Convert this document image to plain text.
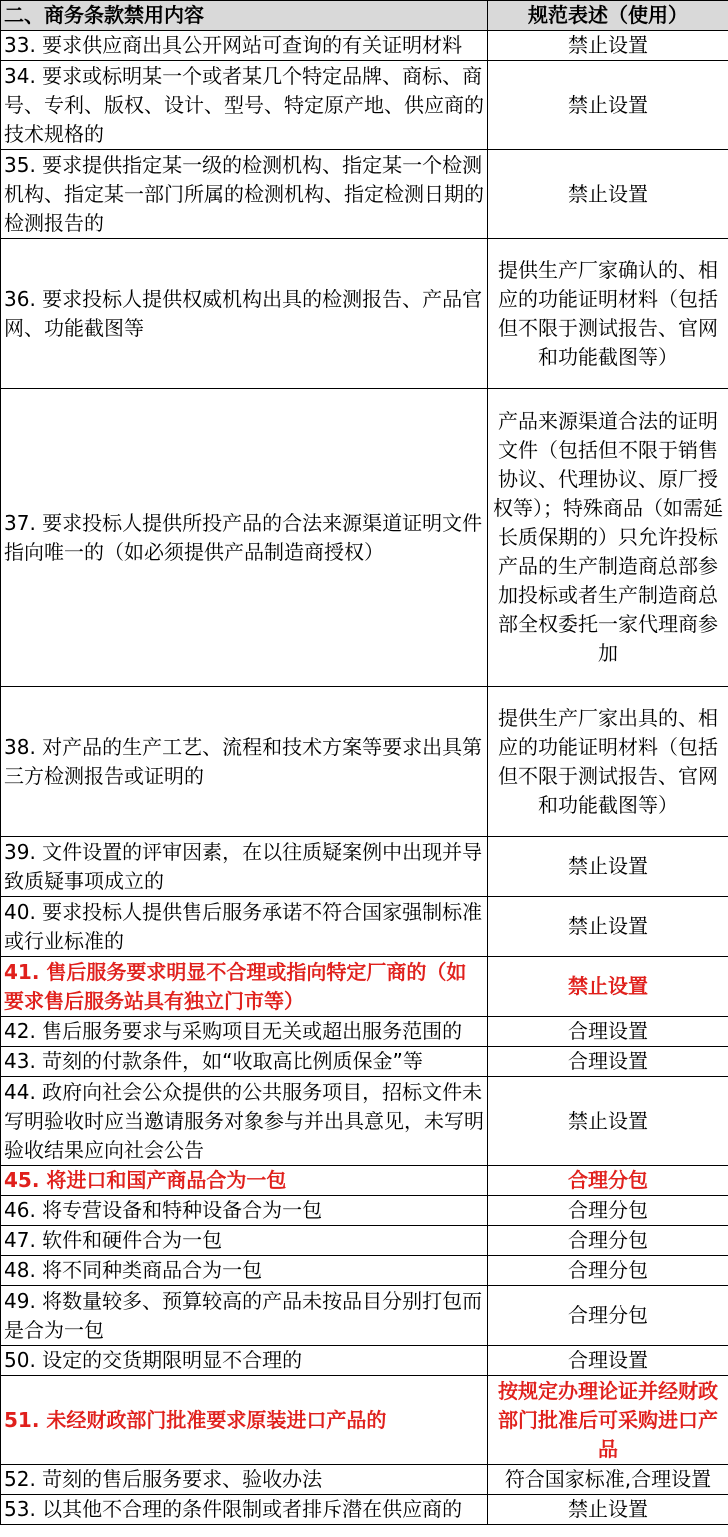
二、商务条款禁用内容	规范表述（使用）
33. 要求供应商出具公开网站可查询的有关证明材料	禁止设置
34. 要求或标明某一个或者某几个特定品牌、商标、商号、专利、版权、设计、型号、特定原产地、供应商的技术规格的	禁止设置
35. 要求提供指定某一级的检测机构、指定某一个检测机构、指定某一部门所属的检测机构、指定检测日期的检测报告的	禁止设置
36. 要求投标人提供权威机构出具的检测报告、产品官网、功能截图等	提供生产厂家确认的、相应的功能证明材料（包括但不限于测试报告、官网和功能截图等）
37. 要求投标人提供所投产品的合法来源渠道证明文件指向唯一的（如必须提供产品制造商授权）	产品来源渠道合法的证明文件（包括但不限于销售协议、代理协议、原厂授权等）；特殊商品（如需延长质保期的）只允许投标产品的生产制造商总部参加投标或者生产制造商总部全权委托一家代理商参加
38. 对产品的生产工艺、流程和技术方案等要求出具第三方检测报告或证明的	提供生产厂家出具的、相应的功能证明材料（包括但不限于测试报告、官网和功能截图等）
39. 文件设置的评审因素，在以往质疑案例中出现并导致质疑事项成立的	禁止设置
40. 要求投标人提供售后服务承诺不符合国家强制标准或行业标准的	禁止设置
41. 售后服务要求明显不合理或指向特定厂商的（如要求售后服务站具有独立门市等）	禁止设置
42. 售后服务要求与采购项目无关或超出服务范围的	合理设置
43. 苛刻的付款条件，如“收取高比例质保金”等	合理设置
44. 政府向社会公众提供的公共服务项目，招标文件未写明验收时应当邀请服务对象参与并出具意见，未写明验收结果应向社会公告	禁止设置
45. 将进口和国产商品合为一包	合理分包
46. 将专营设备和特种设备合为一包	合理分包
47. 软件和硬件合为一包	合理分包
48. 将不同种类商品合为一包	合理分包
49. 将数量较多、预算较高的产品未按品目分别打包而是合为一包	合理分包
50. 设定的交货期限明显不合理的	合理设置
51. 未经财政部门批准要求原装进口产品的	按规定办理论证并经财政部门批准后可采购进口产品
52. 苛刻的售后服务要求、验收办法	符合国家标准,合理设置
53. 以其他不合理的条件限制或者排斥潜在供应商的	禁止设置
